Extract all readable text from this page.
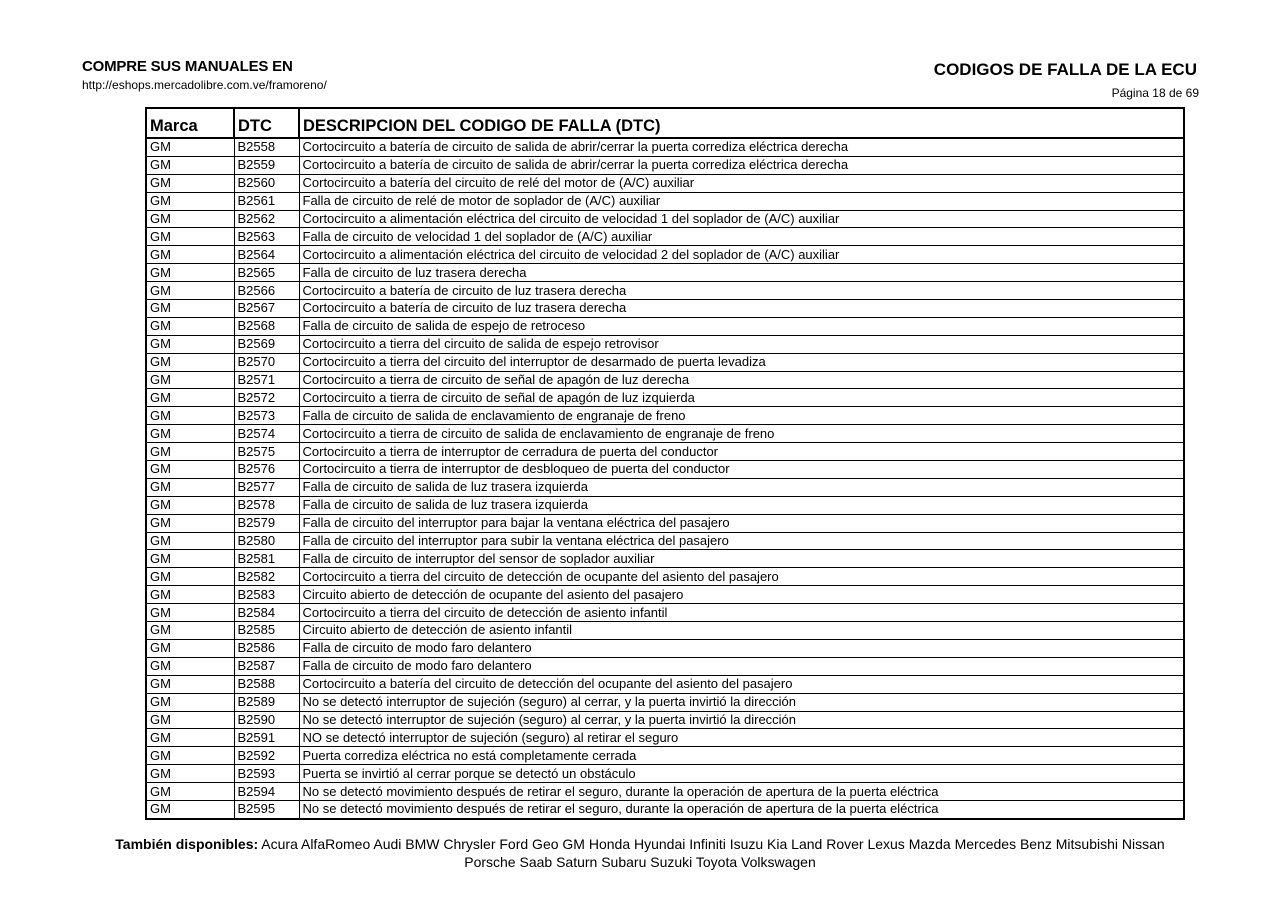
COMPRE SUS MANUALES EN
http://eshops.mercadolibre.com.ve/framoreno/
CODIGOS DE FALLA DE LA ECU
Página 18 de 69
Marca	DTC	DESCRIPCION DEL CODIGO DE FALLA (DTC)
GM	B2558	Cortocircuito a batería de circuito de salida de abrir/cerrar la puerta corrediza eléctrica derecha
GM	B2559	Cortocircuito a batería de circuito de salida de abrir/cerrar la puerta corrediza eléctrica derecha
GM	B2560	Cortocircuito a batería del circuito de relé del motor de (A/C) auxiliar
GM	B2561	Falla de circuito de relé de motor de soplador de (A/C) auxiliar
GM	B2562	Cortocircuito a alimentación eléctrica del circuito de velocidad 1 del soplador de (A/C) auxiliar
GM	B2563	Falla de circuito de velocidad 1 del soplador de (A/C) auxiliar
GM	B2564	Cortocircuito a alimentación eléctrica del circuito de velocidad 2 del soplador de (A/C) auxiliar
GM	B2565	Falla de circuito de luz trasera derecha
GM	B2566	Cortocircuito a batería de circuito de luz trasera derecha
GM	B2567	Cortocircuito a batería de circuito de luz trasera derecha
GM	B2568	Falla de circuito de salida de espejo de retroceso
GM	B2569	Cortocircuito a tierra del circuito de salida de espejo retrovisor
GM	B2570	Cortocircuito a tierra del circuito del interruptor de desarmado de puerta levadiza
GM	B2571	Cortocircuito a tierra de circuito de señal de apagón de luz derecha
GM	B2572	Cortocircuito a tierra de circuito de señal de apagón de luz izquierda
GM	B2573	Falla de circuito de salida de enclavamiento de engranaje de freno
GM	B2574	Cortocircuito a tierra de circuito de salida de enclavamiento de engranaje de freno
GM	B2575	Cortocircuito a tierra de interruptor de cerradura de puerta del conductor
GM	B2576	Cortocircuito a tierra de interruptor de desbloqueo de puerta del conductor
GM	B2577	Falla de circuito de salida de luz trasera izquierda
GM	B2578	Falla de circuito de salida de luz trasera izquierda
GM	B2579	Falla de circuito del interruptor para bajar la ventana eléctrica del pasajero
GM	B2580	Falla de circuito del interruptor para subir la ventana eléctrica del pasajero
GM	B2581	Falla de circuito de interruptor del sensor de soplador auxiliar
GM	B2582	Cortocircuito a tierra del circuito de detección de ocupante del asiento del pasajero
GM	B2583	Circuito abierto de detección de ocupante del asiento del pasajero
GM	B2584	Cortocircuito a tierra del circuito de detección de asiento infantil
GM	B2585	Circuito abierto de detección de asiento infantil
GM	B2586	Falla de circuito de modo faro delantero
GM	B2587	Falla de circuito de modo faro delantero
GM	B2588	Cortocircuito a batería del circuito de detección del ocupante del asiento del pasajero
GM	B2589	No se detectó interruptor de sujeción (seguro) al cerrar, y la puerta invirtió la dirección
GM	B2590	No se detectó interruptor de sujeción (seguro) al cerrar, y la puerta invirtió la dirección
GM	B2591	NO se detectó interruptor de sujeción (seguro) al retirar el seguro
GM	B2592	Puerta corrediza eléctrica no está completamente cerrada
GM	B2593	Puerta se invirtió al cerrar porque se detectó un obstáculo
GM	B2594	No se detectó movimiento después de retirar el seguro, durante la operación de apertura de la puerta eléctrica
GM	B2595	No se detectó movimiento después de retirar el seguro, durante la operación de apertura de la puerta eléctrica
También disponibles: Acura AlfaRomeo Audi BMW Chrysler Ford Geo GM Honda Hyundai Infiniti Isuzu Kia Land Rover Lexus Mazda Mercedes Benz Mitsubishi Nissan
Porsche Saab Saturn Subaru Suzuki Toyota Volkswagen
